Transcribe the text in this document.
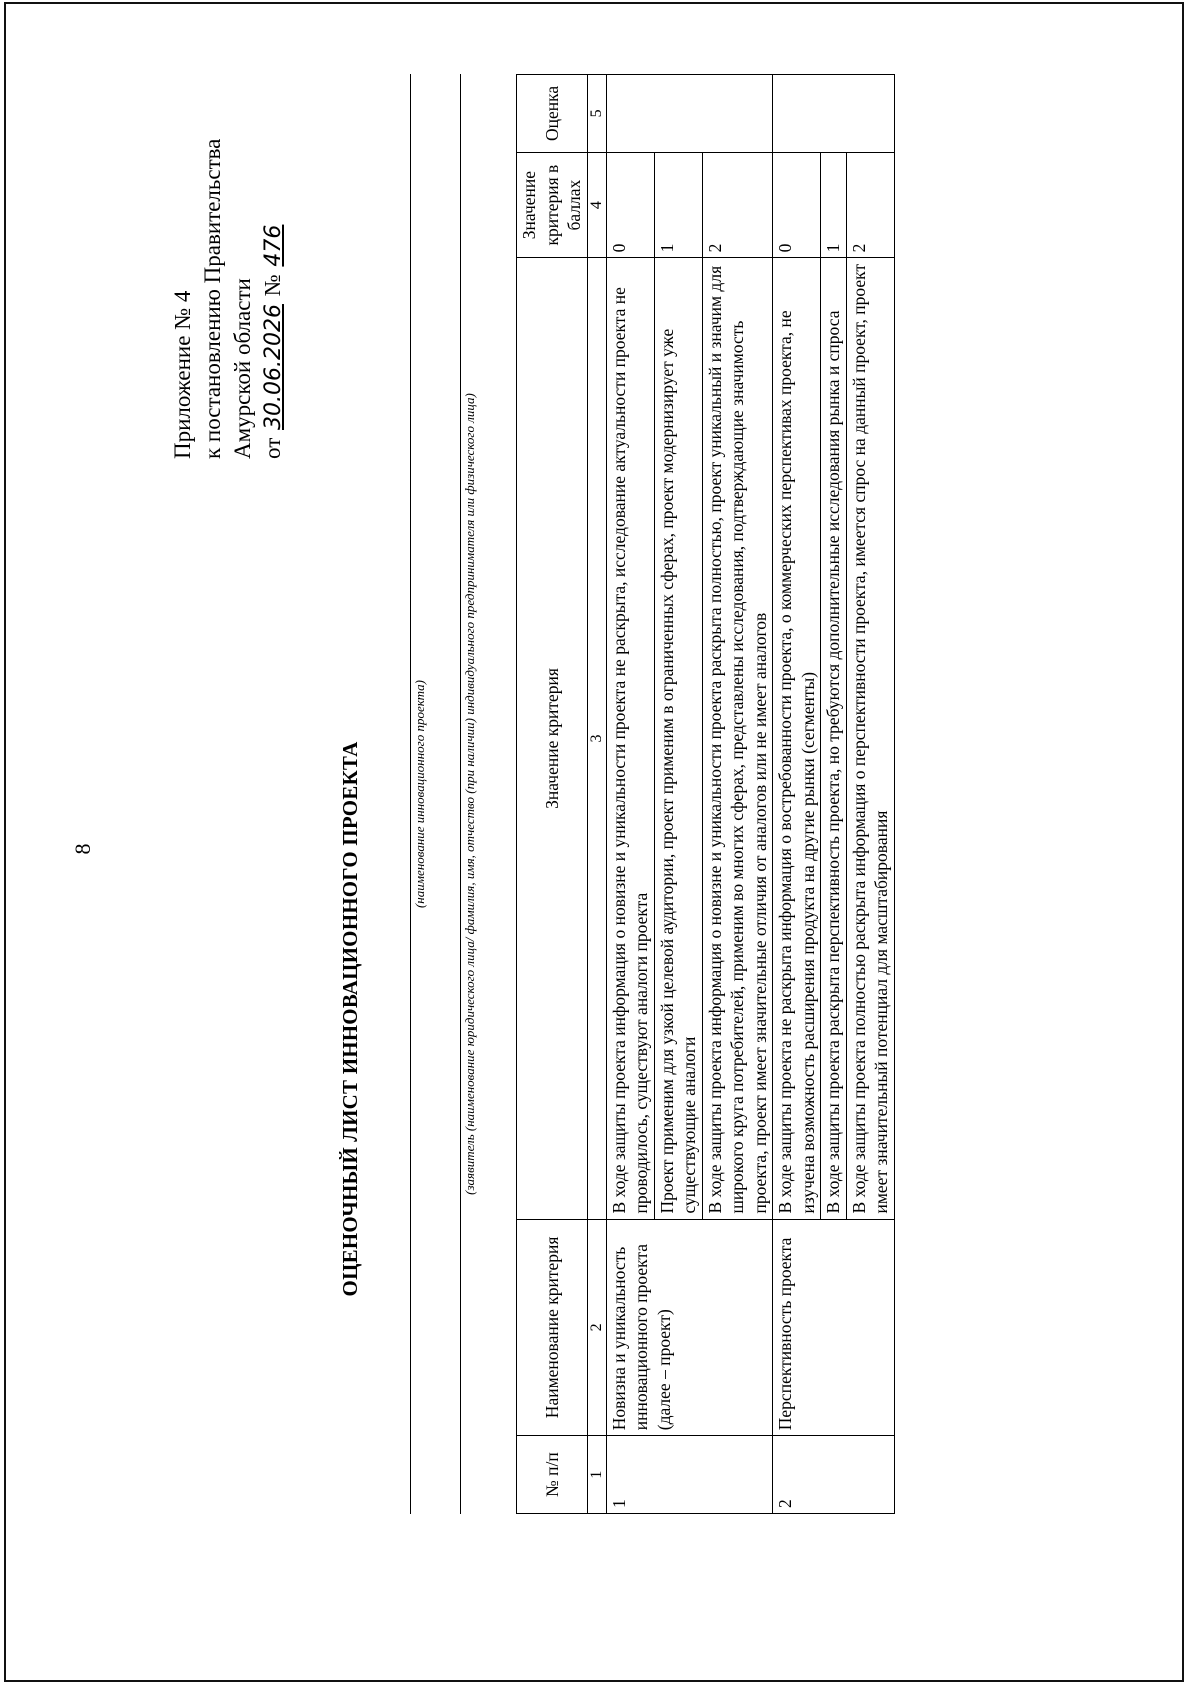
8
Приложение № 4 к постановлению Правительства Амурской области от 30.06.2026 № 476
ОЦЕНОЧНЫЙ ЛИСТ ИННОВАЦИОННОГО ПРОЕКТА	(наименование инновационного проекта)	(заявитель (наименование юридического лица/ фамилия, имя, отчество (при наличии) индивидуального предпринимателя или физического лица)
№ п/п	Наименование критерия	Значение критерия	Значение критерия в баллах	Оценка
1	2	3	4	5
1	Новизна и уникальность инновационного проекта (далее – проект)	В ходе защиты проекта информация о новизне и уникальности проекта не раскрыта, исследование актуальности проекта не проводилось, существуют аналоги проекта	0	
		Проект применим для узкой целевой аудитории, проект применим в ограниченных сферах, проект модернизирует уже существующие аналоги	1	
		В ходе защиты проекта информация о новизне и уникальности проекта раскрыта полностью, проект уникальный и значим для широкого круга потребителей, применим во многих сферах, представлены исследования, подтверждающие значимость проекта, проект имеет значительные отличия от аналогов или не имеет аналогов	2	
2	Перспективность проекта	В ходе защиты проекта не раскрыта информация о востребованности проекта, о коммерческих перспективах проекта, не изучена возможность расширения продукта на другие рынки (сегменты)	0	
		В ходе защиты проекта раскрыта перспективность проекта, но требуются дополнительные исследования рынка и спроса	1	
		В ходе защиты проекта полностью раскрыта информация о перспективности проекта, имеется спрос на данный проект, проект имеет значительный потенциал для масштабирования	2	
